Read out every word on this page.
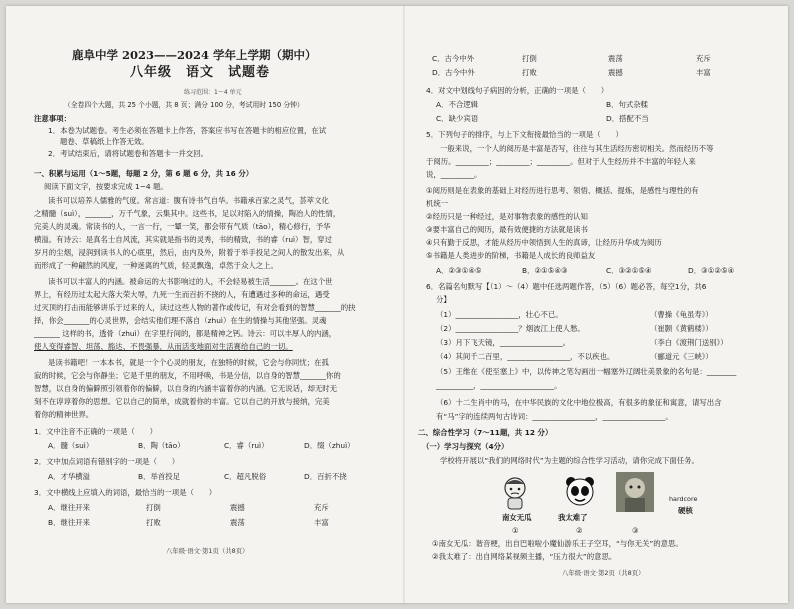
鹿阜中学 2023——2024 学年上学期（期中）
八年级　语文　试题卷
练习范围：1～4 单元
（全卷四个大题，共 25 个小题，共 8 页；满分 100 分，考试用时 150 分钟）
注意事项：
1．本卷为试题卷。考生必须在答题卡上作答，答案应书写在答题卡的相应位置，在试
题卷、草稿纸上作答无效。
2．考试结束后，请将试题卷和答题卡一并交回。
一、积累与运用（1～5题，每题 2 分，第 6 题 6 分，共 16 分）
阅读下面文字，按要求完成 1~4 题。
读书可以培养人儒雅的气度。常言道：腹有诗书气自华。书籍承百家之灵气，荟萃文化
之精髓（suì），_______，万千气象，云集其中。这些书，足以对陷入的情操，陶冶人的性情，
完美人的灵魂。常读书的人，一言一行，一颦一笑，都会带有气质（tāo），精心修行，予华
横溢。有诗云：是真名士自风流，其实就是指书的灵秀，书的精致，书的睿（ruì）智，穿过
岁月的尘烟，浸润到读书人的心底里，然后，由内及外，附着于举手投足之间人的散发出来，从
而形成了一种翩然的风度，一种迷离的气质，轻灵飘逸，卓然于众人之上。
读书可以丰富人的内涵。被命运的大书影响过的人，不会轻易被生活_______。在这个世
界上，有经历过太起大落大荣大辱，九死一生而百折不挠的人，有遭遇过多种的命运，遇受
过灭顶的打击而能够讲乐于过来的人，读过这些人物的著作或传记，有对会看到的智慧_______的抉
择，你会_______的心灵世界，会结实他们理不落自（zhuì）在生的情操与其他坚强。灵魂
_______ 这样的书，透骨（zhuì）在字里行间的，都是精神之钙。诗云：可以丰厚人的内涵，
使人变得睿智、坦荡、豁达、不畏强暴，从而活变地面对生活赛给自己的一切。
是读书籍吧！一本本书，就是一个个心灵的朋友，在独特的时候，它会与你同忧；在孤
寂的时候，它会与你静坐；它是千里的朋友，不用呼唤，书是分信，以自身的智慧_______你的
智慧，以自身的偏僻照引领着你的偏僻，以自身的内涵丰富着你的内涵。它无说话，却无时无
刻不在谆谆着你的思想。它以自己的简单，成就着你的丰富。它以自己的开放与接纳，完美
着你的精神世界。
1．文中注音不正确的一项是（　　）
A．髓（suì）	B．陶（tāo）	C．睿（ruì）	D．缀（zhuì）
2．文中加点词语有错别字的一项是（　　）
A．才华横溢	B．举首投足	C．超凡脱俗	D．百折不挠
3．文中横线上应填入的词语，最恰当的一项是（　　）
A．继往开来	打倒	震撼	充斥
B．继往开来	打败	震荡	丰富
八年级·语文·第1页（共8页）
C．古今中外	打倒	震荡	充斥
D．古今中外	打败	震撼	丰富
4．对文中划线句子病因的分析，正确的一项是（　　）
A．不合逻辑	B．句式杂糅
C．缺少宾语	D．搭配不当
5．下列句子的排序，与上下文衔接最恰当的一项是（　　）
一般来说，一个人的阅历是丰富是否写，往往与其生活经历密切相关。然而经历不等
于阅历。_________；_________；_________。但对于人生经历并不丰富的年轻人来
说，_________。
①阅历则是在表象的基础上对经历进行思考、领悟、概括、提炼，是感性与理性的有
机统一
②经历只是一种经过，是对事物表象的感性的认知
③要丰富自己的阅历，最有效便捷的方法就是读书
④只有勤于反思，才能从经历中领悟到人生的真谛，让经历升华成为阅历
⑤书籍是人类进步的阶梯，书籍是人成长的良师益友
A．②③①④⑤	B．②①⑤④③	C．③②①⑤④	D．③①②⑤④
6．名篇名句默写【（1）～（4）题中任选两题作答，（5）（6）题必答，每空1分，共6
分】
（1）_________________，壮心不已。	（曹操《龟虽寿》）
（2）_________________？烟波江上使人愁。	（崔颢《黄鹤楼》）
（3）月下飞天镜，_________________。	（李白《渡荆门送别》）
（4）其间千二百里，_________________，不以疾也。	（郦道元《三峡》）
（5）王维在《使至塞上》中，以传神之笔勾画出一幅塞外辽阔壮美景象的名句是：________
__________，____________________。
（6）十二生肖中的马，在中华民族的文化中地位极高，有很多的象征和寓意，请写出含
有“马”字的连续两句古诗词：_________________，_________________。
二、综合性学习（7～11题，共 12 分）
（一）学习与探究（4分）
学校将开展以“我们的网络时代”为主题的综合性学习活动，请你完成下面任务。
南女无瓜	我太难了
hardcore
硬核
①	②	③
①南女无瓜：谐音梗，出自巴啦啦小魔仙游乐王子空耳，“与你无关”的意思。
②我太难了：出自网络某视频主播，“压力很大”的意思。
八年级·语文·第2页（共8页）
